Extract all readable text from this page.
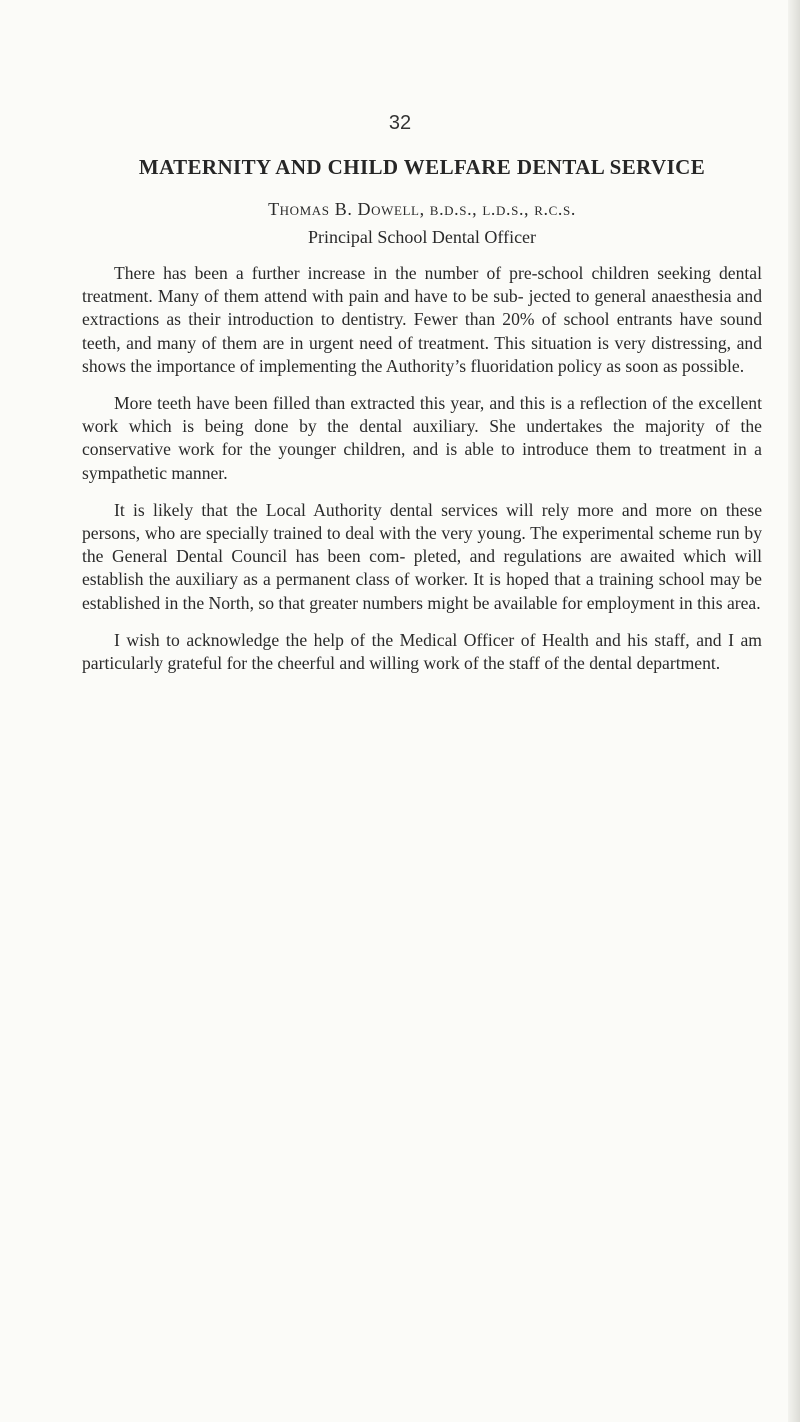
32
MATERNITY AND CHILD WELFARE DENTAL SERVICE

Thomas B. Dowell, b.d.s., l.d.s., r.c.s.

Principal School Dental Officer

There has been a further increase in the number of pre-school children seeking dental treatment. Many of them attend with pain and have to be sub- jected to general anaesthesia and extractions as their introduction to dentistry. Fewer than 20% of school entrants have sound teeth, and many of them are in urgent need of treatment. This situation is very distressing, and shows the importance of implementing the Authority’s fluoridation policy as soon as possible.

More teeth have been filled than extracted this year, and this is a reflection of the excellent work which is being done by the dental auxiliary. She undertakes the majority of the conservative work for the younger children, and is able to introduce them to treatment in a sympathetic manner.

It is likely that the Local Authority dental services will rely more and more on these persons, who are specially trained to deal with the very young. The experimental scheme run by the General Dental Council has been com- pleted, and regulations are awaited which will establish the auxiliary as a permanent class of worker. It is hoped that a training school may be established in the North, so that greater numbers might be available for employment in this area.

I wish to acknowledge the help of the Medical Officer of Health and his staff, and I am particularly grateful for the cheerful and willing work of the staff of the dental department.
